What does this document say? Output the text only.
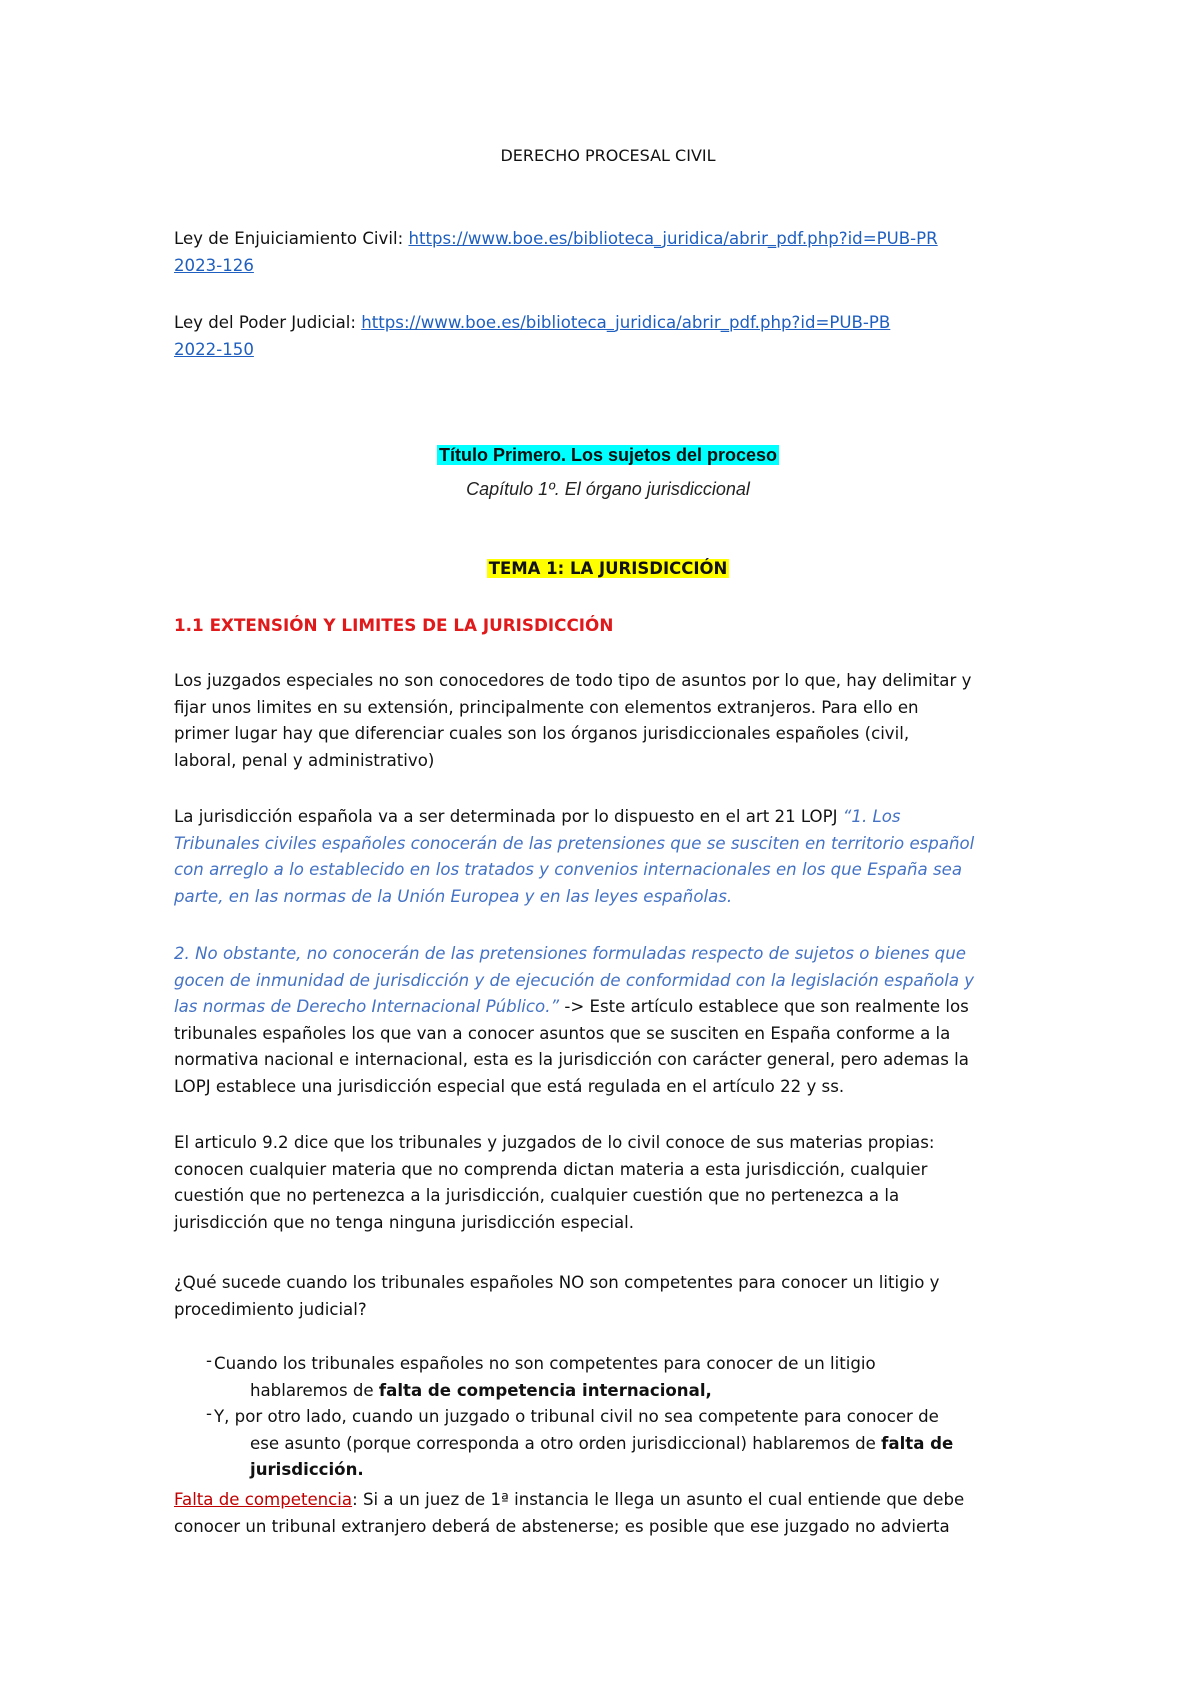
DERECHO PROCESAL CIVIL

Ley de Enjuiciamiento Civil: https://www.boe.es/biblioteca_juridica/abrir_pdf.php?id=PUB-PR

2023-126

Ley del Poder Judicial: https://www.boe.es/biblioteca_juridica/abrir_pdf.php?id=PUB-PB

2022-150

Título Primero. Los sujetos del proceso

Capítulo 1º. El órgano jurisdiccional

TEMA 1: LA JURISDICCIÓN

1.1 EXTENSIÓN Y LIMITES DE LA JURISDICCIÓN

Los juzgados especiales no son conocedores de todo tipo de asuntos por lo que, hay delimitar y

fijar unos limites en su extensión, principalmente con elementos extranjeros. Para ello en

primer lugar hay que diferenciar cuales son los órganos jurisdiccionales españoles (civil,

laboral, penal y administrativo)

La jurisdicción española va a ser determinada por lo dispuesto en el art 21 LOPJ “1. Los

Tribunales civiles españoles conocerán de las pretensiones que se susciten en territorio español

con arreglo a lo establecido en los tratados y convenios internacionales en los que España sea

parte, en las normas de la Unión Europea y en las leyes españolas.

2. No obstante, no conocerán de las pretensiones formuladas respecto de sujetos o bienes que

gocen de inmunidad de jurisdicción y de ejecución de conformidad con la legislación española y

las normas de Derecho Internacional Público.” -> Este artículo establece que son realmente los

tribunales españoles los que van a conocer asuntos que se susciten en España conforme a la

normativa nacional e internacional, esta es la jurisdicción con carácter general, pero ademas la

LOPJ establece una jurisdicción especial que está regulada en el artículo 22 y ss.

El articulo 9.2 dice que los tribunales y juzgados de lo civil conoce de sus materias propias:

conocen cualquier materia que no comprenda dictan materia a esta jurisdicción, cualquier

cuestión que no pertenezca a la jurisdicción, cualquier cuestión que no pertenezca a la

jurisdicción que no tenga ninguna jurisdicción especial.

¿Qué sucede cuando los tribunales españoles NO son competentes para conocer un litigio y

procedimiento judicial?

- Cuando los tribunales españoles no son competentes para conocer de un litigio

hablaremos de falta de competencia internacional,

- Y, por otro lado, cuando un juzgado o tribunal civil no sea competente para conocer de

ese asunto (porque corresponda a otro orden jurisdiccional) hablaremos de falta de

jurisdicción.

Falta de competencia: Si a un juez de 1ª instancia le llega un asunto el cual entiende que debe

conocer un tribunal extranjero deberá de abstenerse; es posible que ese juzgado no advierta
